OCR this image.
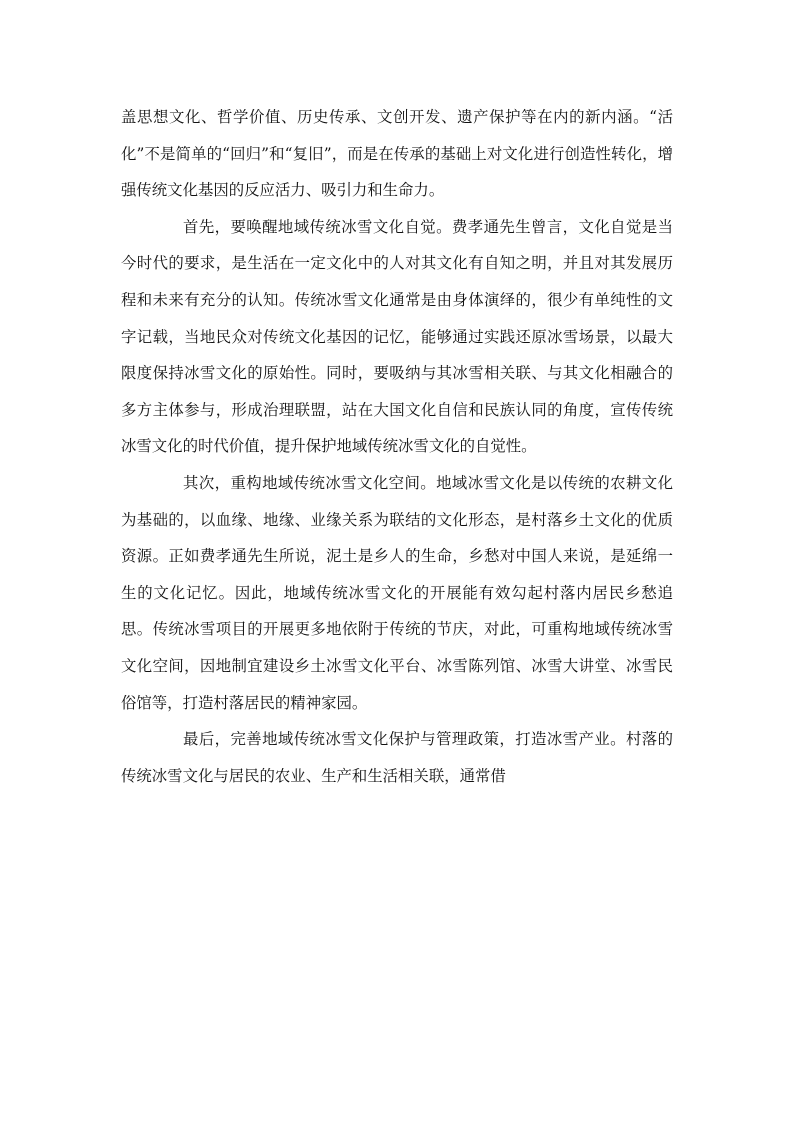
盖思想文化、哲学价值、历史传承、文创开发、遗产保护等在内的新内涵。“活化”不是简单的“回归”和“复旧”，而是在传承的基础上对文化进行创造性转化，增强传统文化基因的反应活力、吸引力和生命力。

首先，要唤醒地域传统冰雪文化自觉。费孝通先生曾言，文化自觉是当今时代的要求，是生活在一定文化中的人对其文化有自知之明，并且对其发展历程和未来有充分的认知。传统冰雪文化通常是由身体演绎的，很少有单纯性的文字记载，当地民众对传统文化基因的记忆，能够通过实践还原冰雪场景，以最大限度保持冰雪文化的原始性。同时，要吸纳与其冰雪相关联、与其文化相融合的多方主体参与，形成治理联盟，站在大国文化自信和民族认同的角度，宣传传统冰雪文化的时代价值，提升保护地域传统冰雪文化的自觉性。

其次，重构地域传统冰雪文化空间。地域冰雪文化是以传统的农耕文化为基础的，以血缘、地缘、业缘关系为联结的文化形态，是村落乡土文化的优质资源。正如费孝通先生所说，泥土是乡人的生命，乡愁对中国人来说，是延绵一生的文化记忆。因此，地域传统冰雪文化的开展能有效勾起村落内居民乡愁追思。传统冰雪项目的开展更多地依附于传统的节庆，对此，可重构地域传统冰雪文化空间，因地制宜建设乡土冰雪文化平台、冰雪陈列馆、冰雪大讲堂、冰雪民俗馆等，打造村落居民的精神家园。

最后，完善地域传统冰雪文化保护与管理政策，打造冰雪产业。村落的传统冰雪文化与居民的农业、生产和生活相关联，通常借
